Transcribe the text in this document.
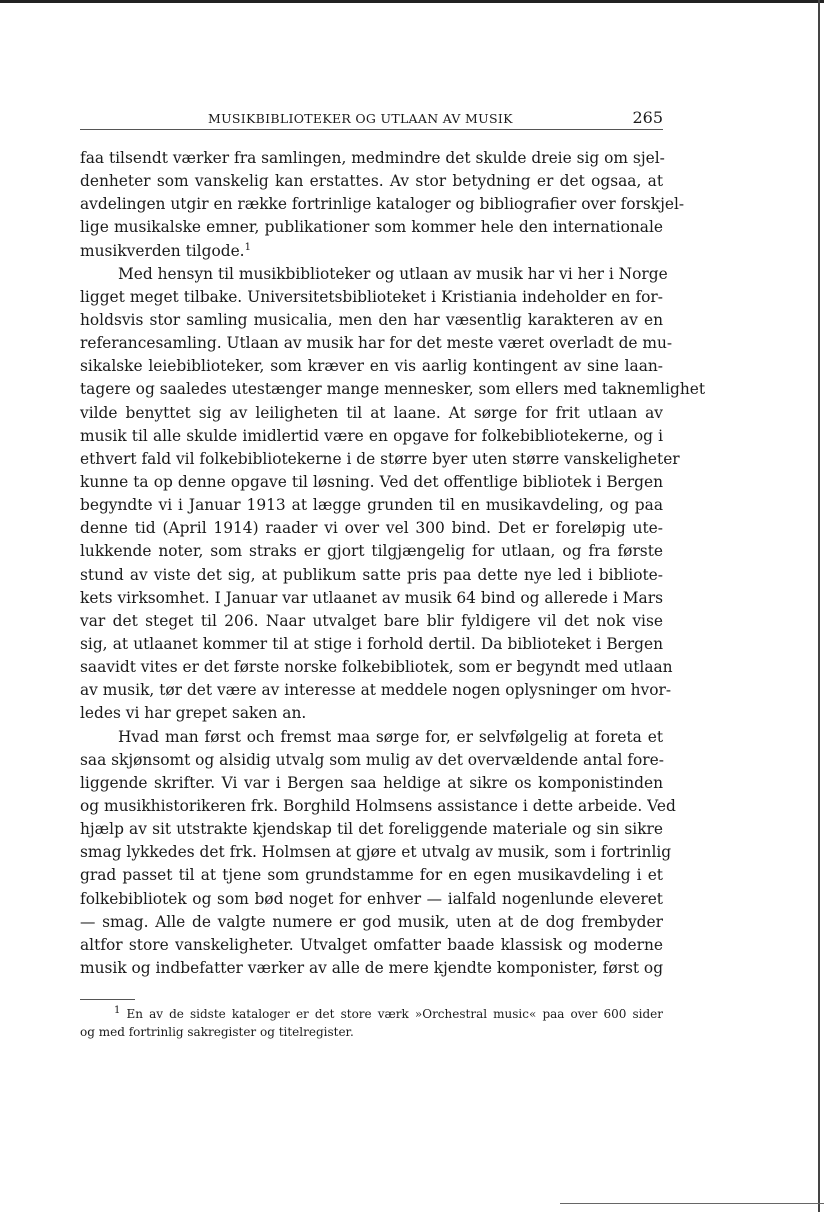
MUSIKBIBLIOTEKER OG UTLAAN AV MUSIK	265
faa tilsendt værker fra samlingen, medmindre det skulde dreie sig om sjel-
denheter som vanskelig kan erstattes. Av stor betydning er det ogsaa, at
avdelingen utgir en række fortrinlige kataloger og bibliografier over forskjel-
lige musikalske emner, publikationer som kommer hele den internationale
musikverden tilgode.$^1$
Med hensyn til musikbiblioteker og utlaan av musik har vi her i Norge
ligget meget tilbake. Universitetsbiblioteket i Kristiania indeholder en for-
holdsvis stor samling musicalia, men den har væsentlig karakteren av en
referancesamling. Utlaan av musik har for det meste været overladt de mu-
sikalske leiebiblioteker, som kræver en vis aarlig kontingent av sine laan-
tagere og saaledes utestænger mange mennesker, som ellers med taknemlighet
vilde benyttet sig av leiligheten til at laane. At sørge for frit utlaan av
musik til alle skulde imidlertid være en opgave for folkebibliotekerne, og i
ethvert fald vil folkebibliotekerne i de større byer uten større vanskeligheter
kunne ta op denne opgave til løsning. Ved det offentlige bibliotek i Bergen
begyndte vi i Januar 1913 at lægge grunden til en musikavdeling, og paa
denne tid (April 1914) raader vi over vel 300 bind. Det er foreløpig ute-
lukkende noter, som straks er gjort tilgjængelig for utlaan, og fra første
stund av viste det sig, at publikum satte pris paa dette nye led i bibliote-
kets virksomhet. I Januar var utlaanet av musik 64 bind og allerede i Mars
var det steget til 206. Naar utvalget bare blir fyldigere vil det nok vise
sig, at utlaanet kommer til at stige i forhold dertil. Da biblioteket i Bergen
saavidt vites er det første norske folkebibliotek, som er begyndt med utlaan
av musik, tør det være av interesse at meddele nogen oplysninger om hvor-
ledes vi har grepet saken an.
Hvad man først och fremst maa sørge for, er selvfølgelig at foreta et
saa skjønsomt og alsidig utvalg som mulig av det overvældende antal fore-
liggende skrifter. Vi var i Bergen saa heldige at sikre os komponistinden
og musikhistorikeren frk. Borghild Holmsens assistance i dette arbeide. Ved
hjælp av sit utstrakte kjendskap til det foreliggende materiale og sin sikre
smag lykkedes det frk. Holmsen at gjøre et utvalg av musik, som i fortrinlig
grad passet til at tjene som grundstamme for en egen musikavdeling i et
folkebibliotek og som bød noget for enhver — ialfald nogenlunde eleveret
— smag. Alle de valgte numere er god musik, uten at de dog frembyder
altfor store vanskeligheter. Utvalget omfatter baade klassisk og moderne
musik og indbefatter værker av alle de mere kjendte komponister, først og
$^1$ En av de sidste kataloger er det store værk »Orchestral music« paa over 600 sider
og med fortrinlig sakregister og titelregister.
